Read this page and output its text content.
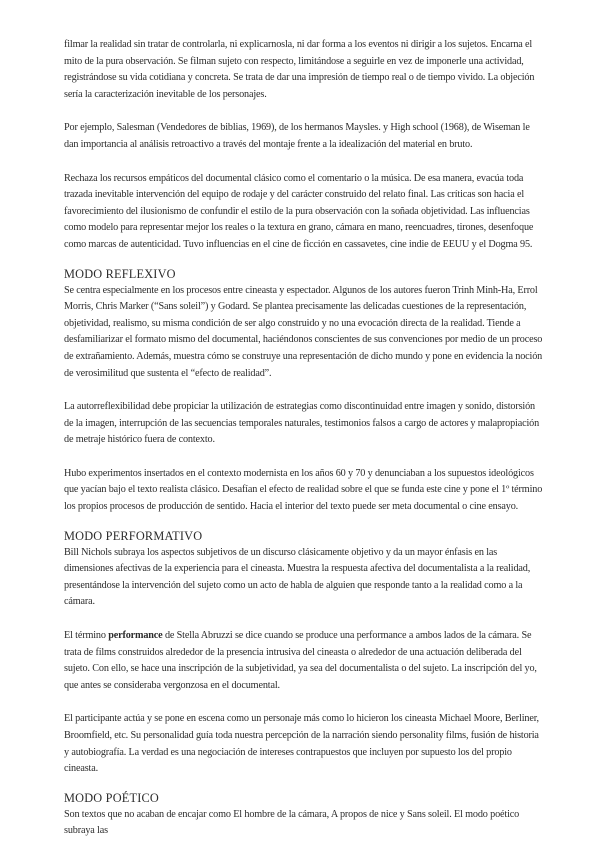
filmar la realidad sin tratar de controlarla, ni explicarnosla, ni dar forma a los eventos ni dirigir a los sujetos. Encarna el mito de la pura observación. Se filman sujeto con respecto, limitándose a seguirle en vez de imponerle una actividad, registrándose su vida cotidiana y concreta. Se trata de dar una impresión de tiempo real o de tiempo vivido. La objeción sería la caracterización inevitable de los personajes.

Por ejemplo, Salesman (Vendedores de biblias, 1969), de los hermanos Maysles. y High school (1968), de Wiseman le dan importancia al análisis retroactivo a través del montaje frente a la idealización del material en bruto.

Rechaza los recursos empáticos del documental clásico como el comentario o la música. De esa manera, evacúa toda trazada inevitable intervención del equipo de rodaje y del carácter construido del relato final. Las críticas son hacia el favorecimiento del ilusionismo de confundir el estilo de la pura observación con la soñada objetividad. Las influencias como modelo para representar mejor los reales o la textura en grano, cámara en mano, reencuadres, tirones, desenfoque como marcas de autenticidad. Tuvo influencias en el cine de ficción en cassavetes, cine indie de EEUU y el Dogma 95.

MODO REFLEXIVO

Se centra especialmente en los procesos entre cineasta y espectador. Algunos de los autores fueron Trinh Minh-Ha, Errol Morris, Chris Marker (“Sans soleil”) y Godard. Se plantea precisamente las delicadas cuestiones de la representación, objetividad, realismo, su misma condición de ser algo construido y no una evocación directa de la realidad. Tiende a desfamiliarizar el formato mismo del documental, haciéndonos conscientes de sus convenciones por medio de un proceso de extrañamiento. Además, muestra cómo se construye una representación de dicho mundo y pone en evidencia la noción de verosimilitud que sustenta el “efecto de realidad”.

La autorreflexibilidad debe propiciar la utilización de estrategias como discontinuidad entre imagen y sonido, distorsión de la imagen, interrupción de las secuencias temporales naturales, testimonios falsos a cargo de actores y malapropiación de metraje histórico fuera de contexto.

Hubo experimentos insertados en el contexto modernista en los años 60 y 70 y denunciaban a los supuestos ideológicos que yacían bajo el texto realista clásico. Desafían el efecto de realidad sobre el que se funda este cine y pone el 1º término los propios procesos de producción de sentido. Hacia el interior del texto puede ser meta documental o cine ensayo.

MODO PERFORMATIVO

Bill Nichols subraya los aspectos subjetivos de un discurso clásicamente objetivo y da un mayor énfasis en las dimensiones afectivas de la experiencia para el cineasta. Muestra la respuesta afectiva del documentalista a la realidad, presentándose la intervención del sujeto como un acto de habla de alguien que responde tanto a la realidad como a la cámara.

El término performance de Stella Abruzzi se dice cuando se produce una performance a ambos lados de la cámara. Se trata de films construidos alrededor de la presencia intrusiva del cineasta o alrededor de una actuación deliberada del sujeto. Con ello, se hace una inscripción de la subjetividad, ya sea del documentalista o del sujeto. La inscripción del yo, que antes se consideraba vergonzosa en el documental.

El participante actúa y se pone en escena como un personaje más como lo hicieron los cineasta Michael Moore, Berliner, Broomfield, etc. Su personalidad guía toda nuestra percepción de la narración siendo personality films, fusión de historia y autobiografía. La verdad es una negociación de intereses contrapuestos que incluyen por supuesto los del propio cineasta.

MODO POÉTICO

Son textos que no acaban de encajar como El hombre de la cámara, A propos de nice y Sans soleil. El modo poético subraya las
